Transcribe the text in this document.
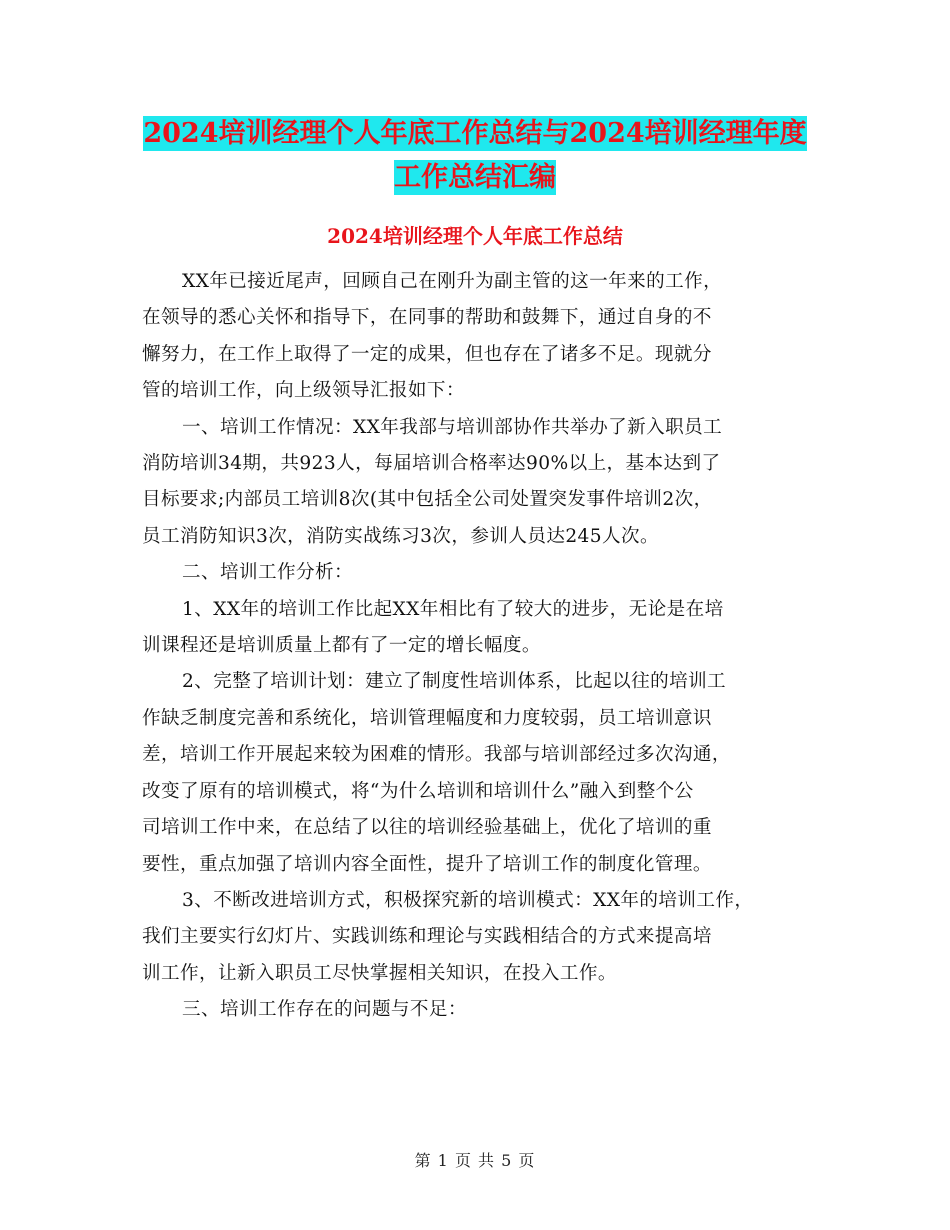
2024培训经理个人年底工作总结与2024培训经理年度
工作总结汇编
2024培训经理个人年底工作总结

XX年已接近尾声，回顾自己在刚升为副主管的这一年来的工作，
在领导的悉心关怀和指导下，在同事的帮助和鼓舞下，通过自身的不
懈努力，在工作上取得了一定的成果，但也存在了诸多不足。现就分
管的培训工作，向上级领导汇报如下：

一、培训工作情况：XX年我部与培训部协作共举办了新入职员工
消防培训34期，共923人，每届培训合格率达90%以上，基本达到了
目标要求;内部员工培训8次(其中包括全公司处置突发事件培训2次，
员工消防知识3次，消防实战练习3次，参训人员达245人次。

二、培训工作分析：

1、XX年的培训工作比起XX年相比有了较大的进步，无论是在培
训课程还是培训质量上都有了一定的增长幅度。

2、完整了培训计划：建立了制度性培训体系，比起以往的培训工
作缺乏制度完善和系统化，培训管理幅度和力度较弱，员工培训意识
差，培训工作开展起来较为困难的情形。我部与培训部经过多次沟通，
改变了原有的培训模式，将“为什么培训和培训什么”融入到整个公
司培训工作中来，在总结了以往的培训经验基础上，优化了培训的重
要性，重点加强了培训内容全面性，提升了培训工作的制度化管理。

3、不断改进培训方式，积极探究新的培训模式：XX年的培训工作，
我们主要实行幻灯片、实践训练和理论与实践相结合的方式来提高培
训工作，让新入职员工尽快掌握相关知识，在投入工作。

三、培训工作存在的问题与不足：

第 1 页 共 5 页
